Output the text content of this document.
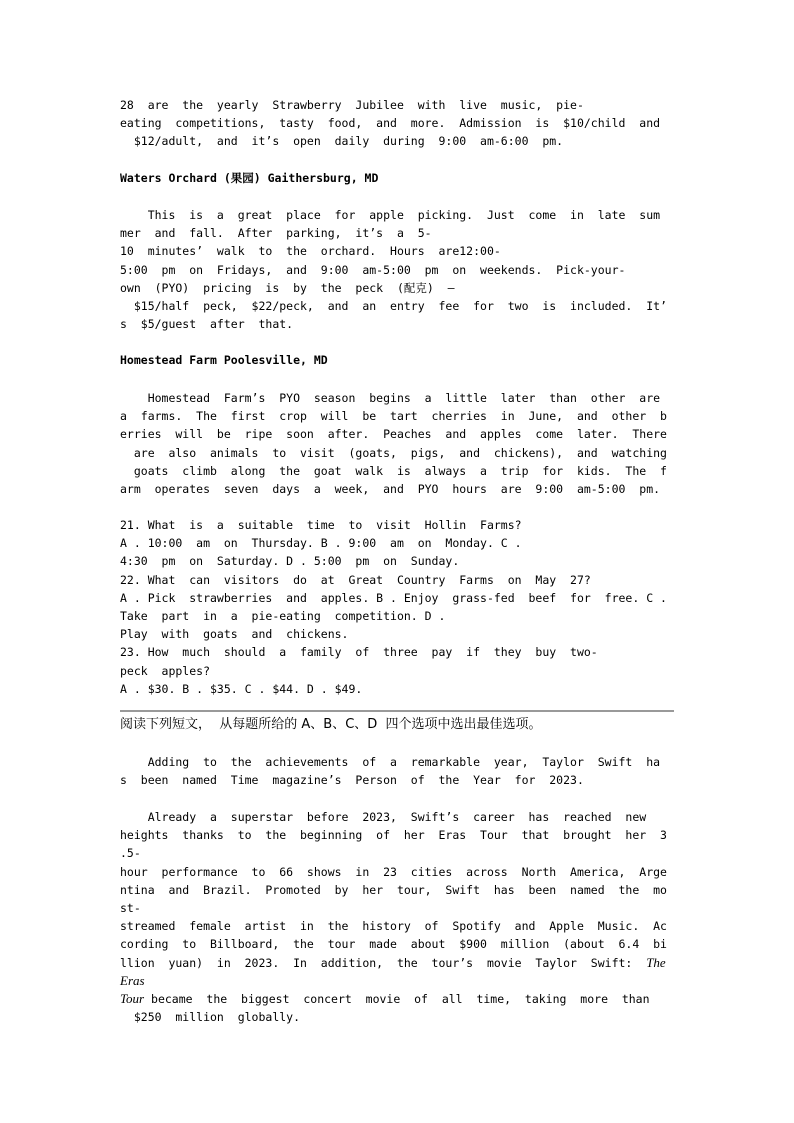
28  are  the  yearly  Strawberry  Jubilee  with  live  music,  pie-
eating  competitions,  tasty  food,  and  more.  Admission  is  $10/child  and
$12/adult,  and  it’s  open  daily  during  9:00  am-6:00  pm.
Waters Orchard (果园) Gaithersburg, MD
This  is  a  great  place  for  apple  picking.  Just  come  in  late  sum
mer  and  fall.  After  parking,  it’s  a  5-
10  minutes’  walk  to  the  orchard.  Hours  are12:00-
5:00  pm  on  Fridays,  and  9:00  am-5:00  pm  on  weekends.  Pick-your-
own  (PYO)  pricing  is  by  the  peck  (配克)  —
$15/half  peck,  $22/peck,  and  an  entry  fee  for  two  is  included.  It’
s  $5/guest  after  that.
Homestead Farm Poolesville, MD
Homestead  Farm’s  PYO  season  begins  a  little  later  than  other  are
a  farms.  The  first  crop  will  be  tart  cherries  in  June,  and  other  b
erries  will  be  ripe  soon  after.  Peaches  and  apples  come  later.  There
are  also  animals  to  visit  (goats,  pigs,  and  chickens),  and  watching
goats  climb  along  the  goat  walk  is  always  a  trip  for  kids.  The  f
arm  operates  seven  days  a  week,  and  PYO  hours  are  9:00  am-5:00  pm.
21. What  is  a  suitable  time  to  visit  Hollin  Farms?
A . 10:00  am  on  Thursday. B . 9:00  am  on  Monday. C .
4:30  pm  on  Saturday. D . 5:00  pm  on  Sunday.
22. What  can  visitors  do  at  Great  Country  Farms  on  May  27?
A . Pick  strawberries  and  apples. B . Enjoy  grass-fed  beef  for  free. C .
Take  part  in  a  pie-eating  competition. D .
Play  with  goats  and  chickens.
23. How  much  should  a  family  of  three  pay  if  they  buy  two-
peck  apples?
A . $30. B . $35. C . $44. D . $49.
阅读下列短文，  从每题所给的 A、B、C、D  四个选项中选出最佳选项。
Adding  to  the  achievements  of  a  remarkable  year,  Taylor  Swift  ha
s  been  named  Time  magazine’s  Person  of  the  Year  for  2023.
Already  a  superstar  before  2023,  Swift’s  career  has  reached  new
heights  thanks  to  the  beginning  of  her  Eras  Tour  that  brought  her  3
.5-
hour  performance  to  66  shows  in  23  cities  across  North  America,  Arge
ntina  and  Brazil.  Promoted  by  her  tour,  Swift  has  been  named  the  mo
st-
streamed  female  artist  in  the  history  of  Spotify  and  Apple  Music.  Ac
cording  to  Billboard,  the  tour  made  about  $900  million  (about  6.4  bi
llion  yuan)  in  2023.  In  addition,  the  tour’s  movie  Taylor  Swift:  The
Eras
Tour became  the  biggest  concert  movie  of  all  time,  taking  more  than
$250  million  globally.
